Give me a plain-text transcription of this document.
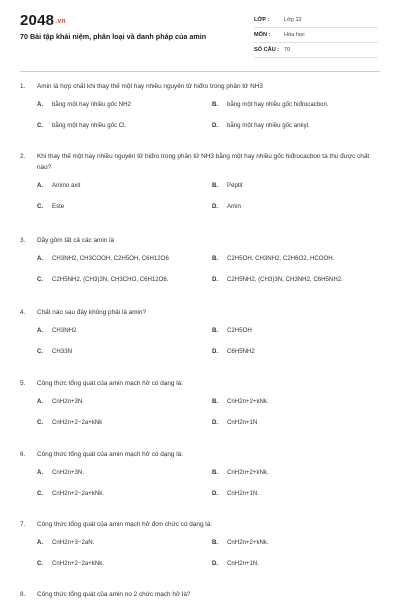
2048.vn
70 Bài tập khái niệm, phân loại và danh pháp của amin
LỚP :	Lớp 12
MÔN : Hóa học
SỐ CÂU : 70
1. Amin là hợp chất khi thay thế một hay nhiều nguyên tử hiđro trong phân tử NH3
A. bằng một hay nhiều gốc NH2	B. bằng một hay nhiều gốc hiđrocacbon.
C. bằng một hay nhiều gốc Cl.	D. bằng một hay nhiều gốc ankyl.
2. Khi thay thế một hay nhiều nguyên tử hiđro trong phân tử NH3 bằng một hay nhiều gốc hiđrocacbon ta thu được chất nào?
A. Amino axit	B. Peptit
C. Este	D. Amin
3. Dãy gồm tất cả các amin là
A. CH3NH2, CH3COOH, C2H5OH, C6H12O6	B. C2H5OH, CH3NH2, C2H6O2, HCOOH.
C. C2H5NH2, (CH3)3N, CH3CHO, C6H12O6.	D. C2H5NH2, (CH3)3N, CH3NH2, C6H5NH2.
4. Chất nào sau đây không phải là amin?
A. CH3NH2	B. C2H5OH
C. CH33N	D. C6H5NH2
5. Công thức tổng quát của amin mạch hở có dạng là:
A. CnH2n+3N.	B. CnH2n+2+kNk.
C. CnH2n+2−2a+kNk	D. CnH2n+1N
6. Công thức tổng quát của amin mạch hở có dạng là:
A. CnH2n+3N.	B. CnH2n+2+kNk.
C. CnH2n+2−2a+kNk.	D. CnH2n+1N.
7. Công thức tổng quát của amin mạch hở đơn chức có dạng là:
A. CnH2n+3−2aN.	B. CnH2n+2+kNk.
C. CnH2n+2−2a+kNk.	D. CnH2n+1N.
8. Công thức tổng quát của amin no 2 chức mạch hở là?
